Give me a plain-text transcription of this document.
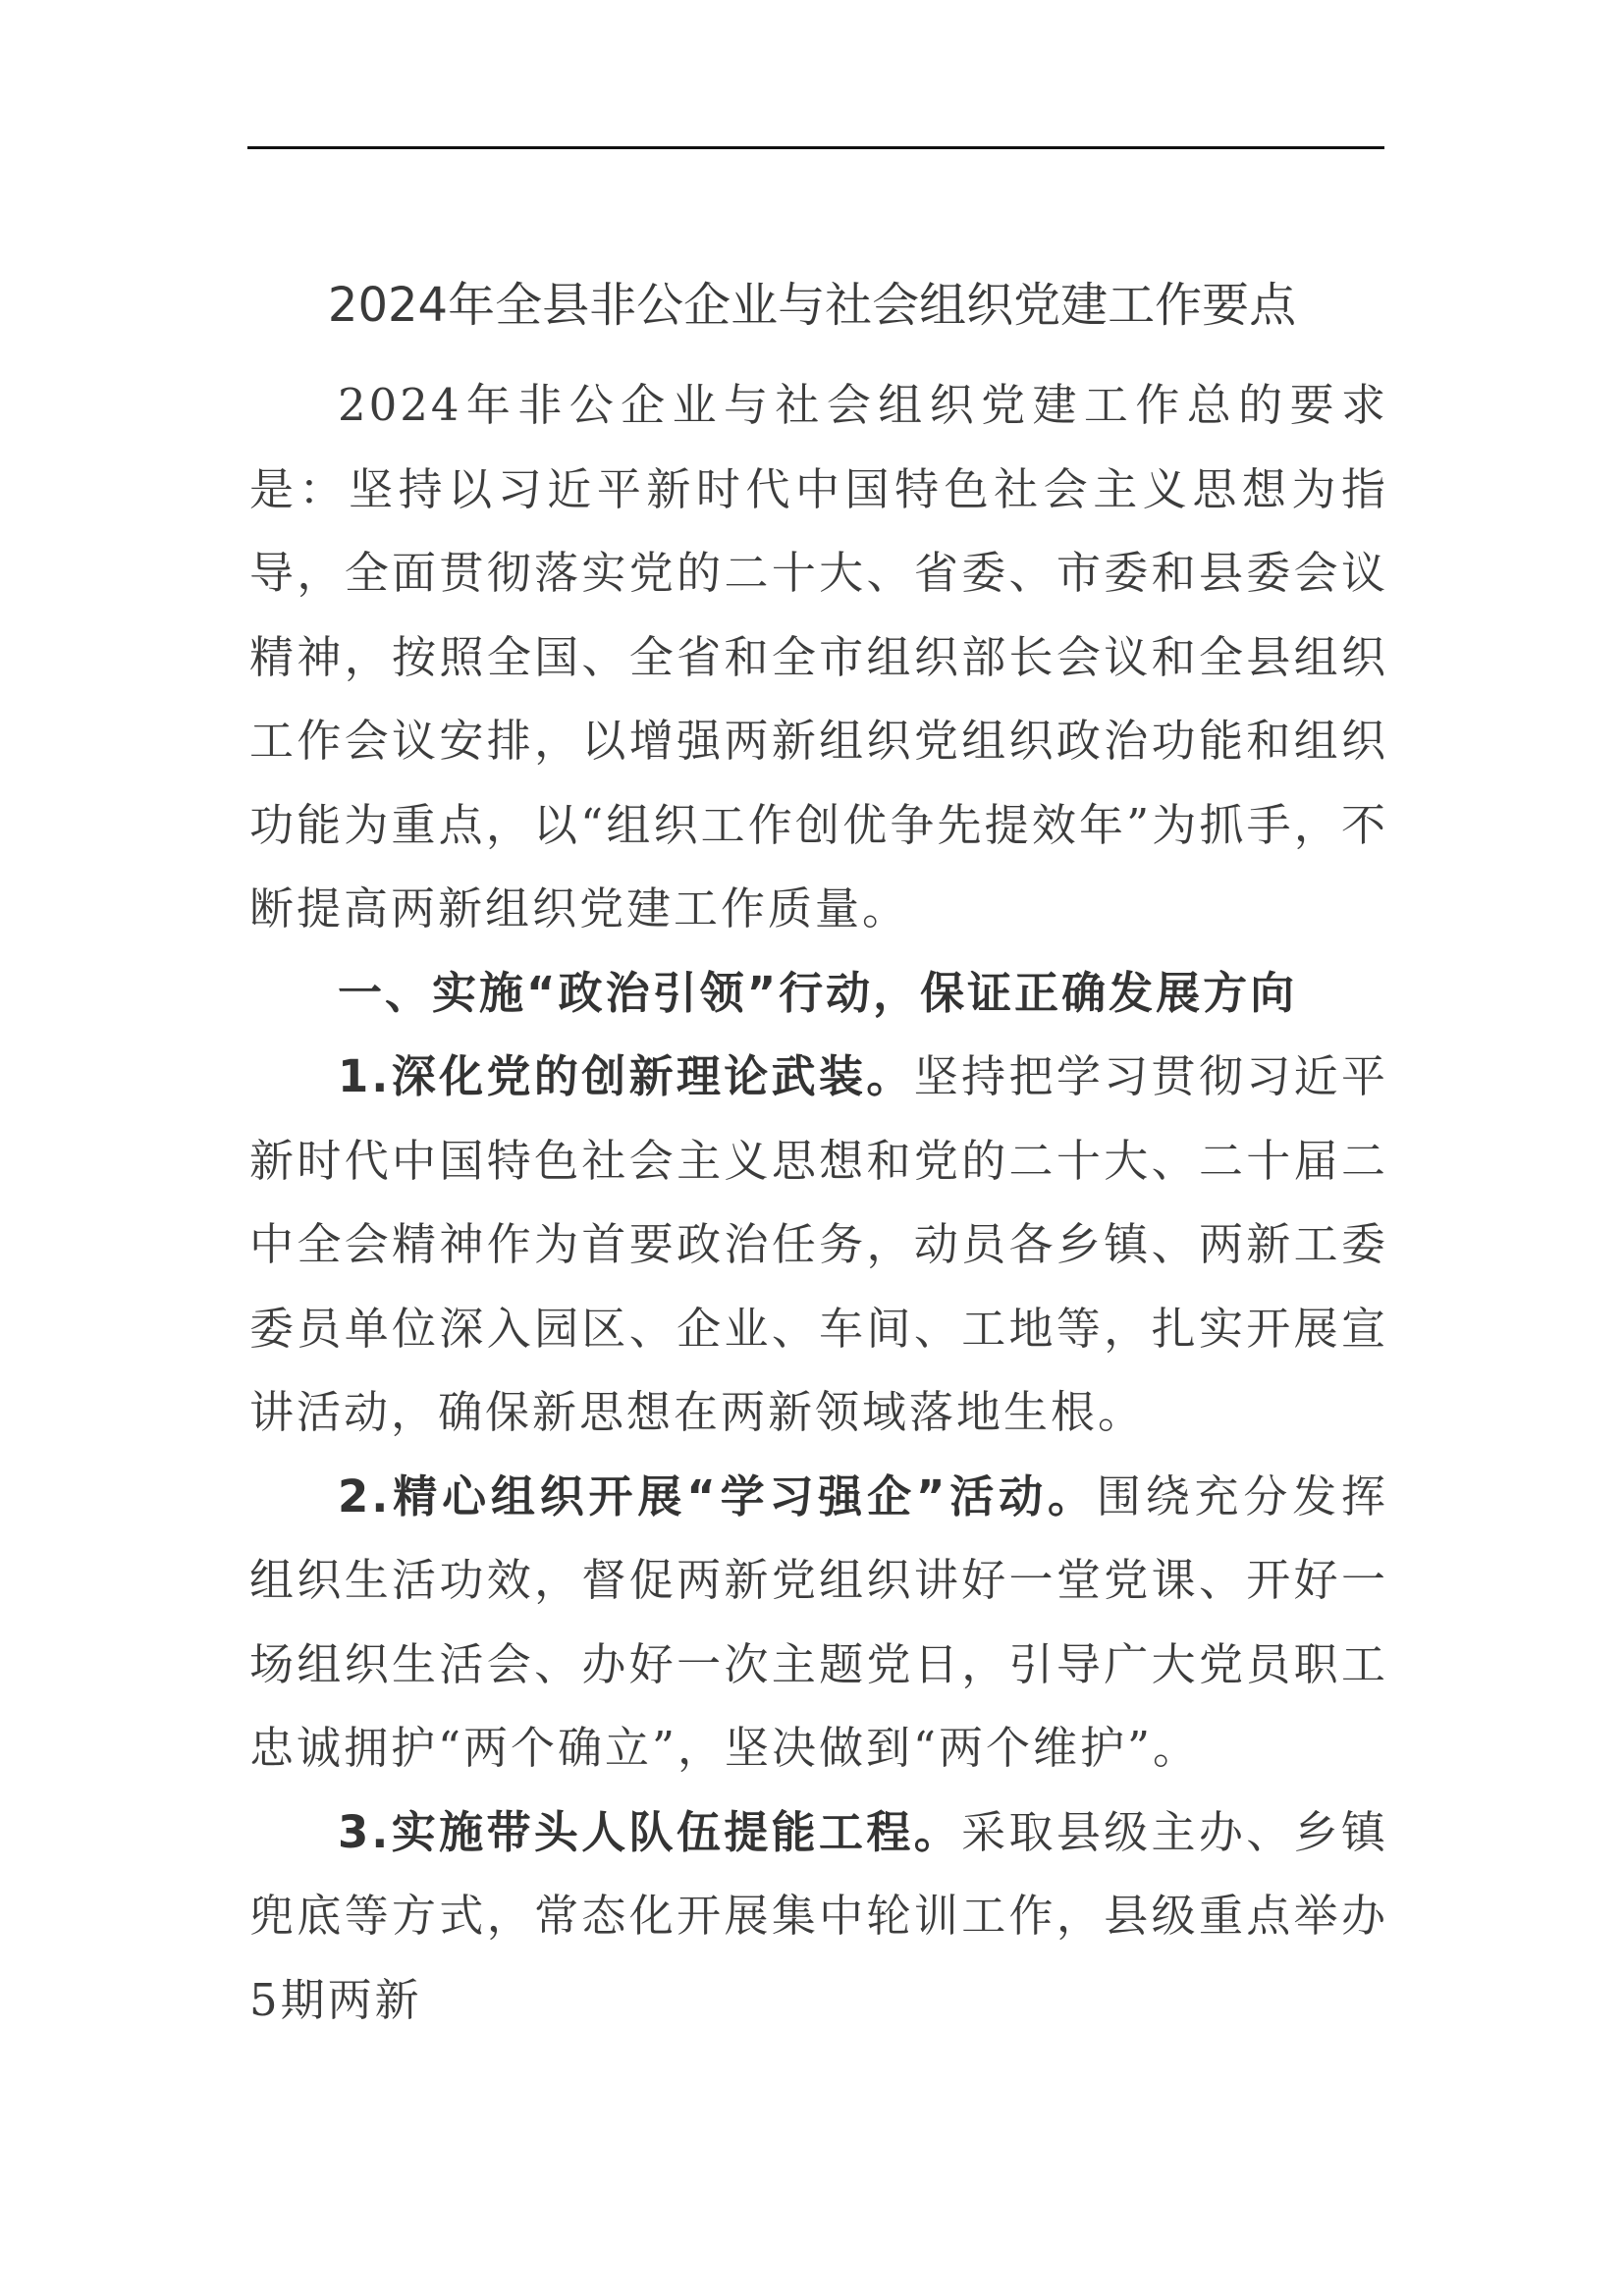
2024年全县非公企业与社会组织党建工作要点

2024年非公企业与社会组织党建工作总的要求是：坚持以习近平新时代中国特色社会主义思想为指导，全面贯彻落实党的二十大、省委、市委和县委会议精神，按照全国、全省和全市组织部长会议和全县组织工作会议安排，以增强两新组织党组织政治功能和组织功能为重点，以“组织工作创优争先提效年”为抓手，不断提高两新组织党建工作质量。

一、实施“政治引领”行动，保证正确发展方向

1.深化党的创新理论武装。坚持把学习贯彻习近平新时代中国特色社会主义思想和党的二十大、二十届二中全会精神作为首要政治任务，动员各乡镇、两新工委委员单位深入园区、企业、车间、工地等，扎实开展宣讲活动，确保新思想在两新领域落地生根。

2.精心组织开展“学习强企”活动。围绕充分发挥组织生活功效，督促两新党组织讲好一堂党课、开好一场组织生活会、办好一次主题党日，引导广大党员职工忠诚拥护“两个确立”，坚决做到“两个维护”。

3.实施带头人队伍提能工程。采取县级主办、乡镇兜底等方式，常态化开展集中轮训工作，县级重点举办5期两新
